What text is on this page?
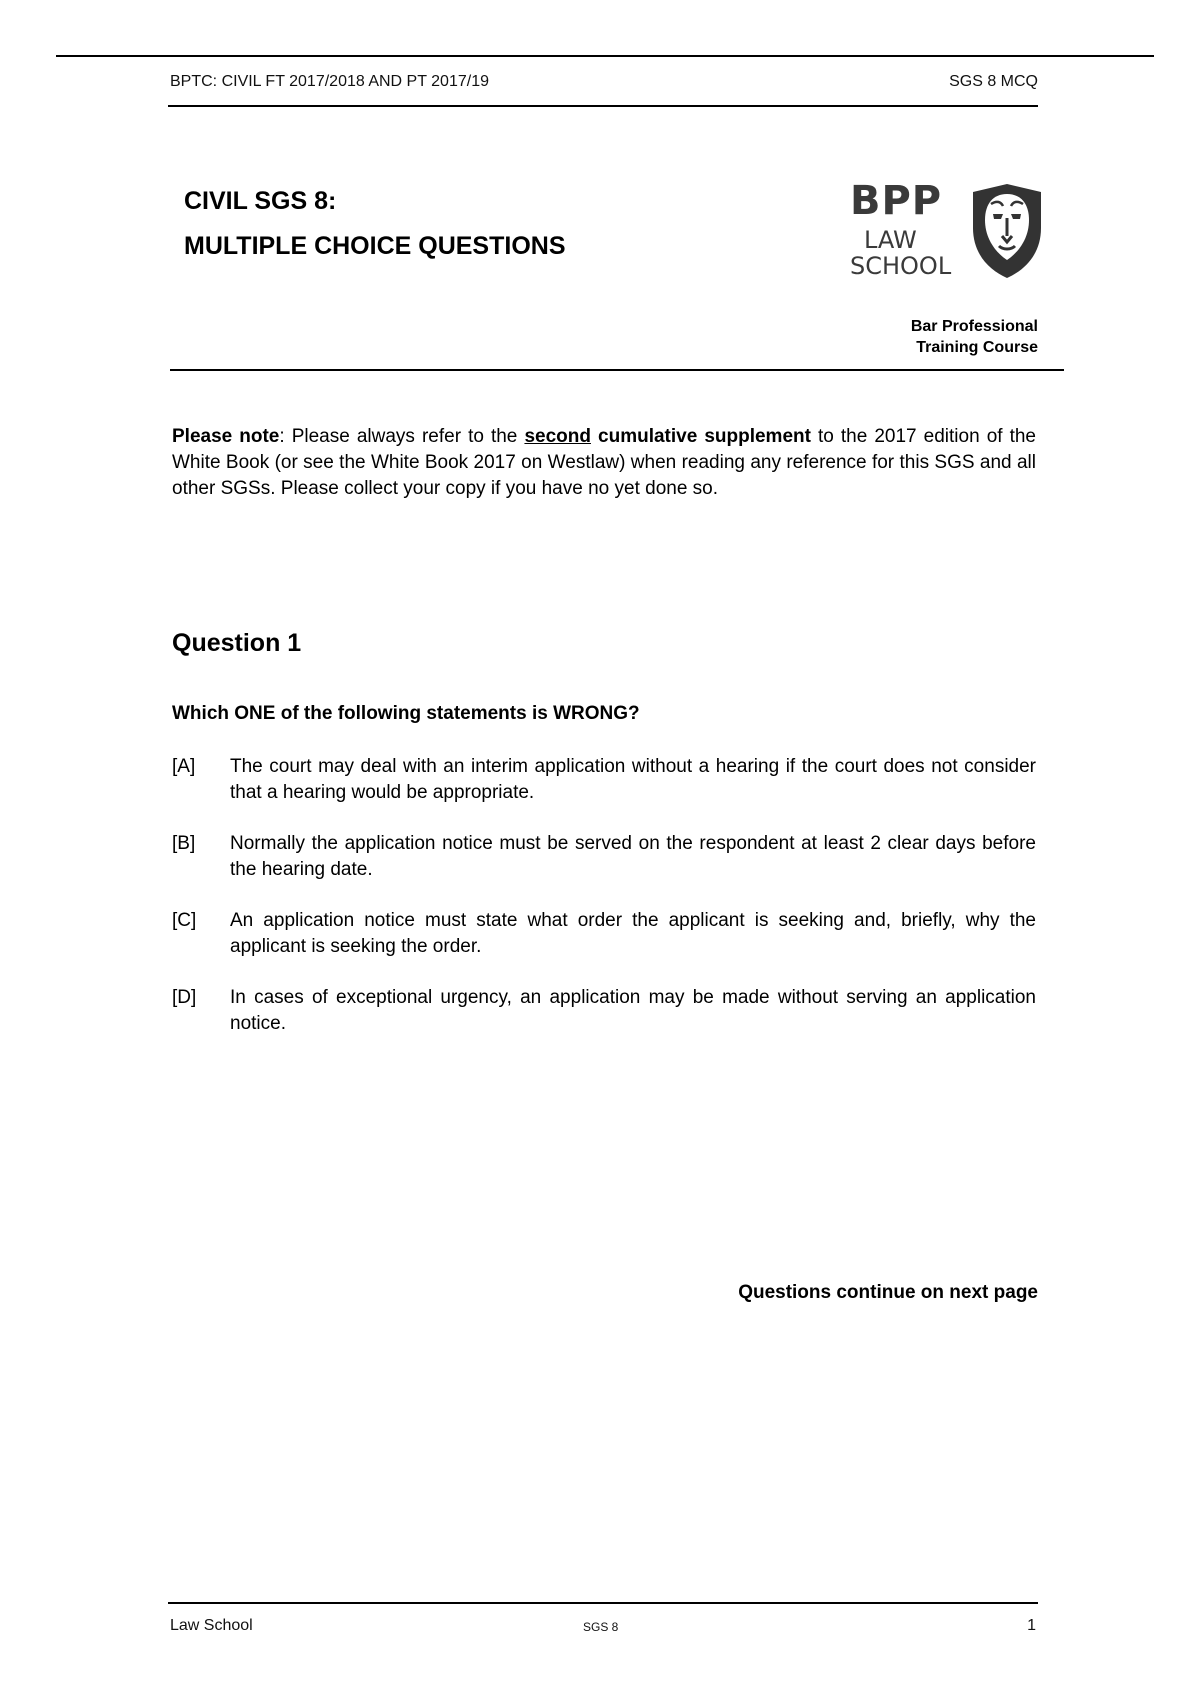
BPTC: CIVIL FT 2017/2018 AND PT 2017/19	SGS 8 MCQ
CIVIL SGS 8:
MULTIPLE CHOICE QUESTIONS
BPP
LAW
SCHOOL
Bar Professional
Training Course
Please note: Please always refer to the second cumulative supplement to the 2017 edition of the White Book (or see the White Book 2017 on Westlaw) when reading any reference for this SGS and all other SGSs. Please collect your copy if you have no yet done so.
Question 1
Which ONE of the following statements is WRONG?
[A] The court may deal with an interim application without a hearing if the court does not consider that a hearing would be appropriate.
[B] Normally the application notice must be served on the respondent at least 2 clear days before the hearing date.
[C] An application notice must state what order the applicant is seeking and, briefly, why the applicant is seeking the order.
[D] In cases of exceptional urgency, an application may be made without serving an application notice.
Questions continue on next page
Law School	SGS 8	1
